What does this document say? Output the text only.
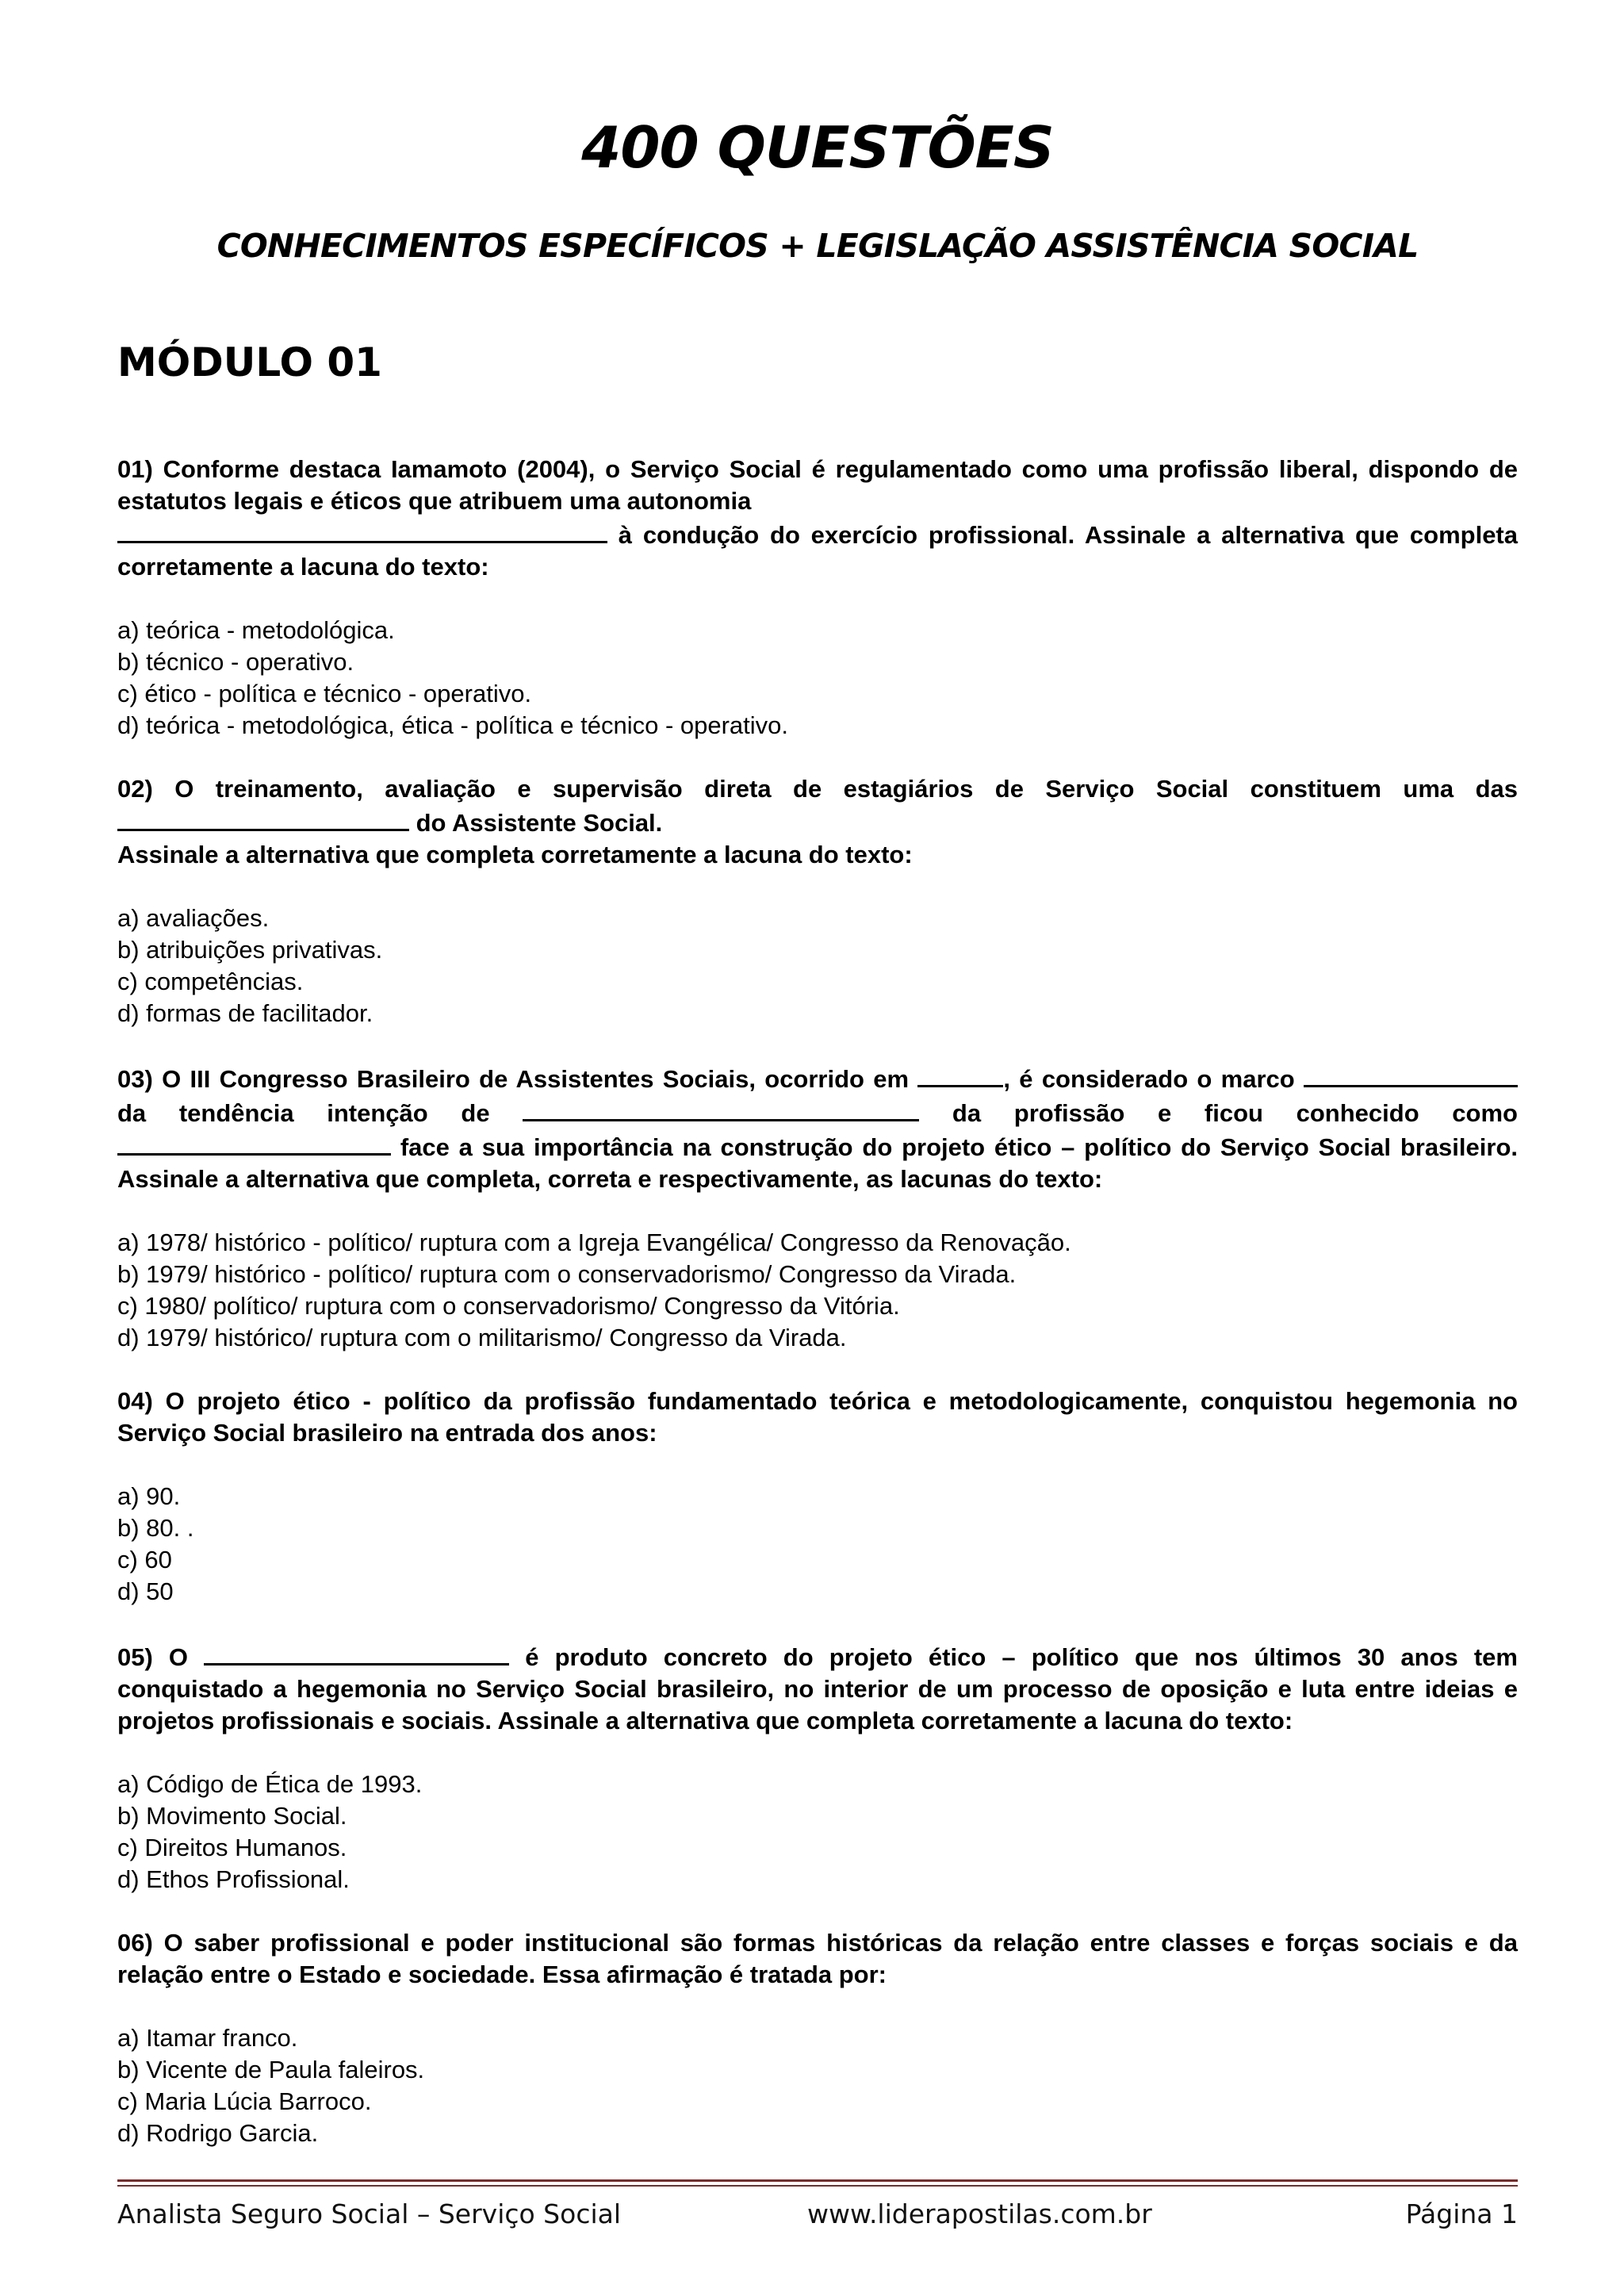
400 QUESTÕES
CONHECIMENTOS ESPECÍFICOS + LEGISLAÇÃO ASSISTÊNCIA SOCIAL
MÓDULO 01
01) Conforme destaca Iamamoto (2004), o Serviço Social é regulamentado como uma profissão liberal, dispondo de estatutos legais e éticos que atribuem uma autonomia
à condução do exercício profissional. Assinale a alternativa que completa corretamente a lacuna do texto:
a) teórica - metodológica.
b) técnico - operativo.
c) ético - política e técnico - operativo.
d) teórica - metodológica, ética - política e técnico - operativo.
02) O treinamento, avaliação e supervisão direta de estagiários de Serviço Social constituem uma das  do Assistente Social.
Assinale a alternativa que completa corretamente a lacuna do texto:
a) avaliações.
b) atribuições privativas.
c) competências.
d) formas de facilitador.
03) O III Congresso Brasileiro de Assistentes Sociais, ocorrido em	, é considerado o marco  da tendência intenção de	da profissão e ficou conhecido como  face a sua importância na construção do projeto ético – político do Serviço Social brasileiro. Assinale a alternativa que completa, correta e respectivamente, as lacunas do texto:
a) 1978/ histórico - político/ ruptura com a Igreja Evangélica/ Congresso da Renovação.
b) 1979/ histórico - político/ ruptura com o conservadorismo/ Congresso da Virada.
c) 1980/ político/ ruptura com o conservadorismo/ Congresso da Vitória.
d) 1979/ histórico/ ruptura com o militarismo/ Congresso da Virada.
04) O projeto ético - político da profissão fundamentado teórica e metodologicamente, conquistou hegemonia no Serviço Social brasileiro na entrada dos anos:
a) 90.
b) 80. .
c) 60
d) 50
05) O	é produto concreto do projeto ético – político que nos últimos 30 anos tem conquistado a hegemonia no Serviço Social brasileiro, no interior de um processo de oposição e luta entre ideias e projetos profissionais e sociais. Assinale a alternativa que completa corretamente a lacuna do texto:
a) Código de Ética de 1993.
b) Movimento Social.
c) Direitos Humanos.
d) Ethos Profissional.
06) O saber profissional e poder institucional são formas históricas da relação entre classes e forças sociais e da relação entre o Estado e sociedade. Essa afirmação é tratada por:
a) Itamar franco.
b) Vicente de Paula faleiros.
c) Maria Lúcia Barroco.
d) Rodrigo Garcia.
Analista Seguro Social – Serviço Social	www.liderapostilas.com.br	Página 1
